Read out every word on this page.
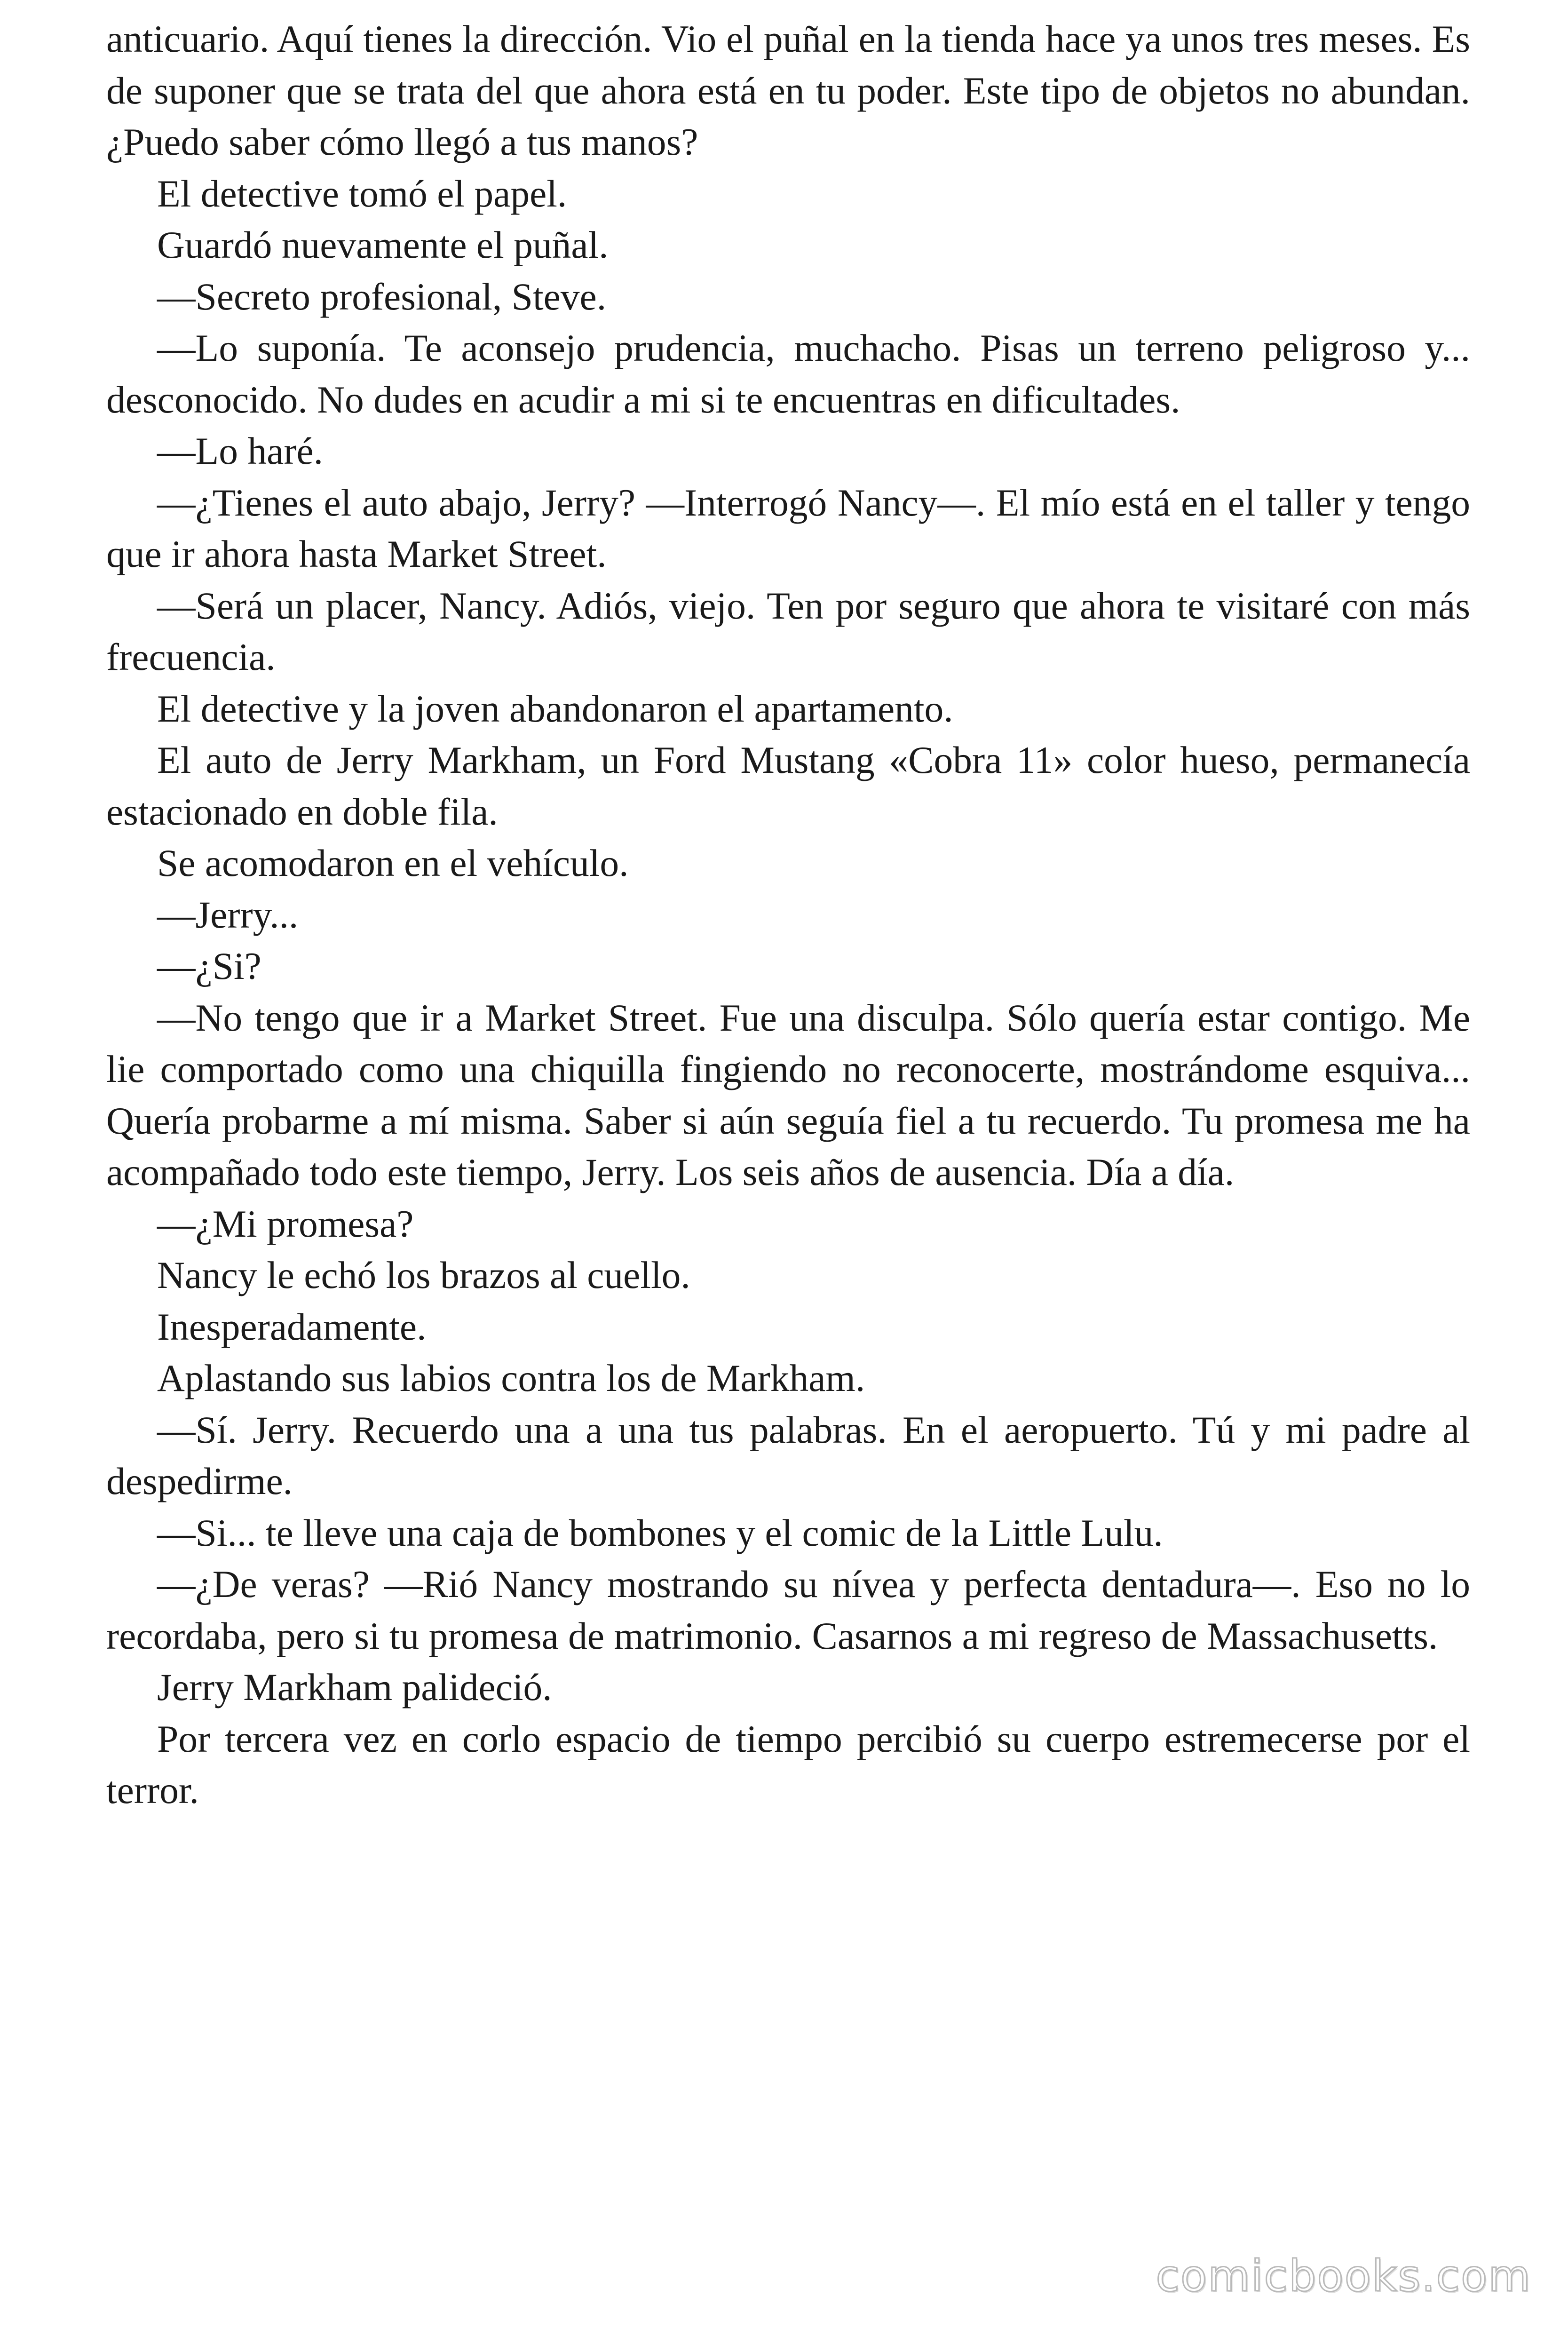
anticuario. Aquí tienes la dirección. Vio el puñal en la tienda hace ya unos tres meses. Es de suponer que se trata del que ahora está en tu poder. Este tipo de objetos no abundan. ¿Puedo saber cómo llegó a tus manos?

El detective tomó el papel.

Guardó nuevamente el puñal.

—Secreto profesional, Steve.

—Lo suponía. Te aconsejo prudencia, muchacho. Pisas un terreno peligroso y... desconocido. No dudes en acudir a mi si te encuentras en dificultades.

—Lo haré.

—¿Tienes el auto abajo, Jerry? —Interrogó Nancy—. El mío está en el taller y tengo que ir ahora hasta Market Street.

—Será un placer, Nancy. Adiós, viejo. Ten por seguro que ahora te visitaré con más frecuencia.

El detective y la joven abandonaron el apartamento.

El auto de Jerry Markham, un Ford Mustang «Cobra 11» color hueso, permanecía estacionado en doble fila.

Se acomodaron en el vehículo.

—Jerry...

—¿Si?

—No tengo que ir a Market Street. Fue una disculpa. Sólo quería estar contigo. Me lie comportado como una chiquilla fingiendo no reconocerte, mostrándome esquiva... Quería probarme a mí misma. Saber si aún seguía fiel a tu recuerdo. Tu promesa me ha acompañado todo este tiempo, Jerry. Los seis años de ausencia. Día a día.

—¿Mi promesa?

Nancy le echó los brazos al cuello.

Inesperadamente.

Aplastando sus labios contra los de Markham.

—Sí. Jerry. Recuerdo una a una tus palabras. En el aeropuerto. Tú y mi padre al despedirme.

—Si... te lleve una caja de bombones y el comic de la Little Lulu.

—¿De veras? —Rió Nancy mostrando su nívea y perfecta dentadura—. Eso no lo recordaba, pero si tu promesa de matrimonio. Casarnos a mi regreso de Massachusetts.

Jerry Markham palideció.

Por tercera vez en corlo espacio de tiempo percibió su cuerpo estremecerse por el terror.

comicbooks.com
